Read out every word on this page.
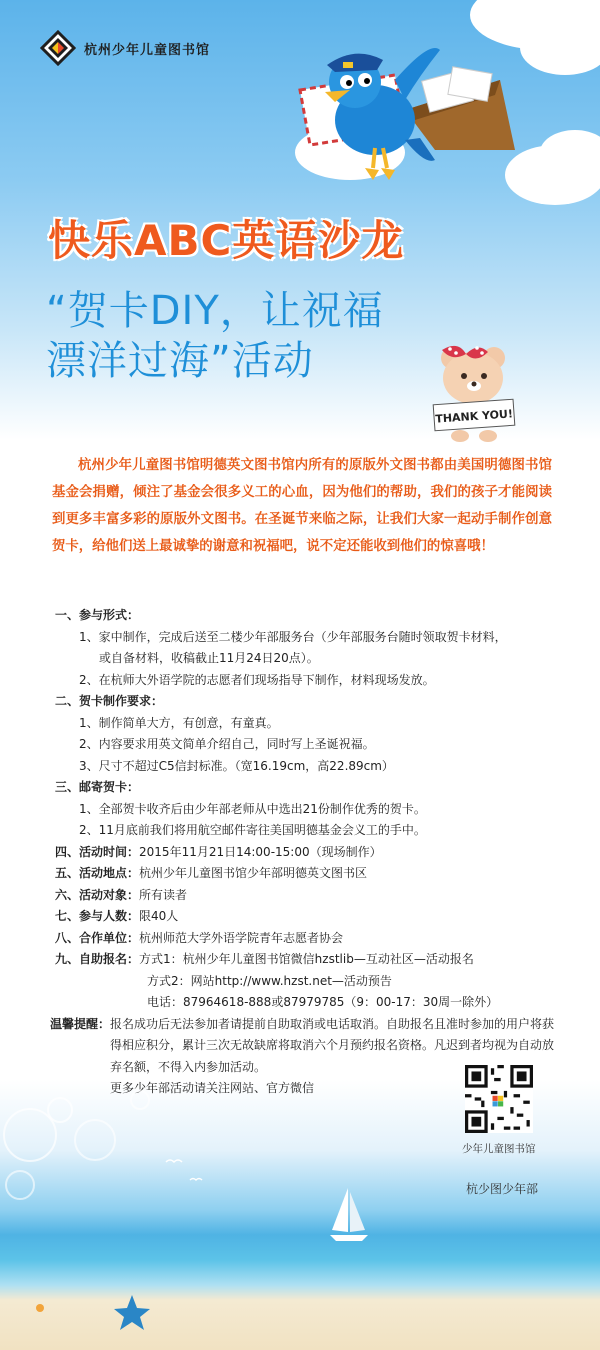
杭州少年儿童图书馆
快乐ABC英语沙龙
“贺卡DIY，让祝福
漂洋过海”活动
THANK YOU!
杭州少年儿童图书馆明德英文图书馆内所有的原版外文图书都由美国明德图书馆基金会捐赠，倾注了基金会很多义工的心血，因为他们的帮助，我们的孩子才能阅读到更多丰富多彩的原版外文图书。在圣诞节来临之际，让我们大家一起动手制作创意贺卡，给他们送上最诚挚的谢意和祝福吧，说不定还能收到他们的惊喜哦！
一、 参与形式：
1、 家中制作，完成后送至二楼少年部服务台（少年部服务台随时领取贺卡材料，
或自备材料，收稿截止11月24日20点）。
2、 在杭师大外语学院的志愿者们现场指导下制作，材料现场发放。
二、 贺卡制作要求：
1、 制作简单大方，有创意，有童真。
2、 内容要求用英文简单介绍自己，同时写上圣诞祝福。
3、 尺寸不超过C5信封标准。（宽16.19cm，高22.89cm）
三、 邮寄贺卡：
1、 全部贺卡收齐后由少年部老师从中选出21份制作优秀的贺卡。
2、 11月底前我们将用航空邮件寄往美国明德基金会义工的手中。
四、 活动时间： 2015年11月21日14:00-15:00（现场制作）
五、 活动地点： 杭州少年儿童图书馆少年部明德英文图书区
六、 活动对象： 所有读者
七、 参与人数： 限40人
八、 合作单位： 杭州师范大学外语学院青年志愿者协会
九、 自助报名： 方式1：杭州少年儿童图书馆微信hzstlib—互动社区—活动报名
方式2：网站http://www.hzst.net—活动预告
电话：87964618-888或87979785（9：00-17：30周一除外）
温馨提醒： 报名成功后无法参加者请提前自助取消或电话取消。自助报名且准时参加的用户将获得相应积分，累计三次无故缺席将取消六个月预约报名资格。凡迟到者均视为自动放弃名额，不得入内参加活动。
更多少年部活动请关注网站、官方微信
少年儿童图书馆
杭少图少年部
